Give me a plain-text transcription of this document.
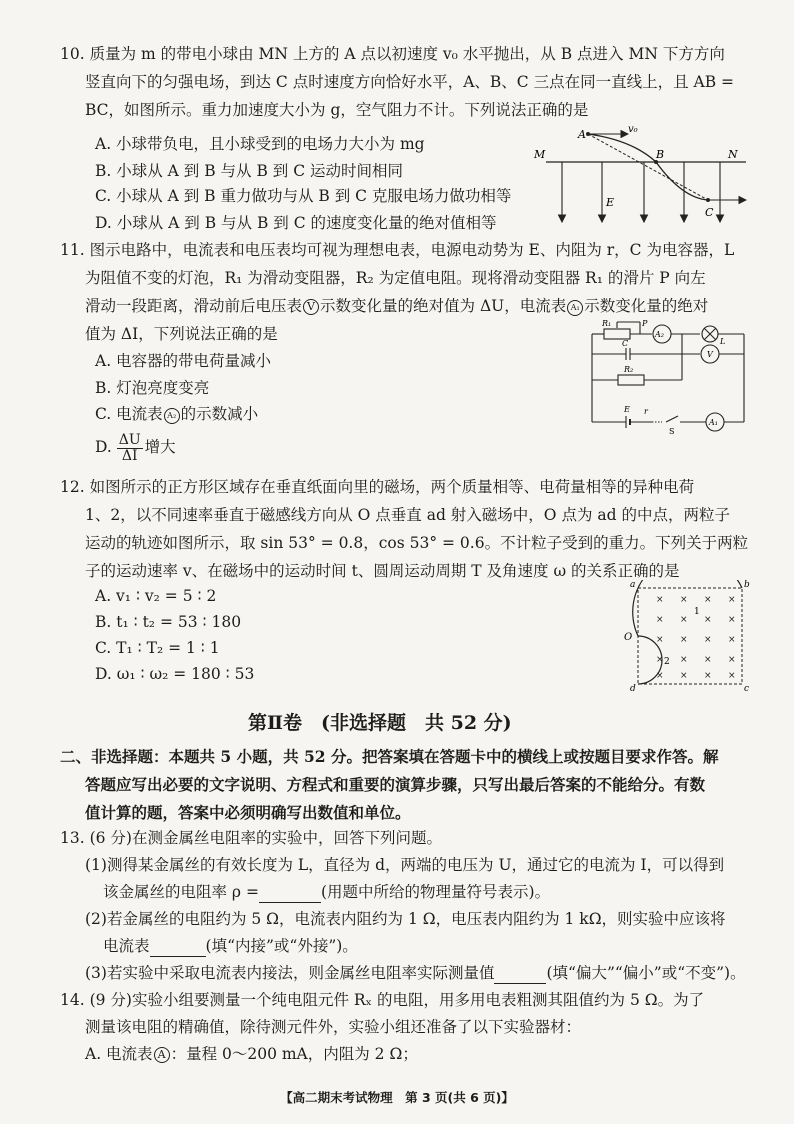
10. 质量为 m 的带电小球由 MN 上方的 A 点以初速度 v₀ 水平抛出，从 B 点进入 MN 下方方向
竖直向下的匀强电场，到达 C 点时速度方向恰好水平，A、B、C 三点在同一直线上，且 AB =
BC，如图所示。重力加速度大小为 g，空气阻力不计。下列说法正确的是
A. 小球带负电，且小球受到的电场力大小为 mg
B. 小球从 A 到 B 与从 B 到 C 运动时间相同
C. 小球从 A 到 B 重力做功与从 B 到 C 克服电场力做功相等
D. 小球从 A 到 B 与从 B 到 C 的速度变化量的绝对值相等
A	v₀
M	B	N
E
C
11. 图示电路中，电流表和电压表均可视为理想电表，电源电动势为 E、内阻为 r，C 为电容器，L
为阻值不变的灯泡，R₁ 为滑动变阻器，R₂ 为定值电阻。现将滑动变阻器 R₁ 的滑片 P 向左
滑动一段距离，滑动前后电压表 V 示数变化量的绝对值为 ΔU，电流表 A₁ 示数变化量的绝对
值为 ΔI，下列说法正确的是
A. 电容器的带电荷量减小
B. 灯泡亮度变亮
C. 电流表 A₂ 的示数减小
D. $\frac{\Delta U}{\Delta I}$ 增大
R₁	P
A₂
L
C
V
R₂
E r
S
A₁
12. 如图所示的正方形区域存在垂直纸面向里的磁场，两个质量相等、电荷量相等的异种电荷
1、2，以不同速率垂直于磁感线方向从 O 点垂直 ad 射入磁场中，O 点为 ad 的中点，两粒子
运动的轨迹如图所示，取 sin 53° = 0.8，cos 53° = 0.6。不计粒子受到的重力。下列关于两粒
子的运动速率 v、在磁场中的运动时间 t、圆周运动周期 T 及角速度 ω 的关系正确的是
A. v₁ ∶ v₂ = 5 ∶ 2
B. t₁ ∶ t₂ = 53 ∶ 180
C. T₁ ∶ T₂ = 1 ∶ 1
D. ω₁ ∶ ω₂ = 180 ∶ 53
× × × ×
× × × ×
× × × ×
× × × ×
× × × ×
a	b
c
d
O
1
2
第Ⅱ卷　(非选择题　共 52 分)
二、非选择题：本题共 5 小题，共 52 分。把答案填在答题卡中的横线上或按题目要求作答。解
答题应写出必要的文字说明、方程式和重要的演算步骤，只写出最后答案的不能给分。有数
值计算的题，答案中必须明确写出数值和单位。
13. (6 分)在测金属丝电阻率的实验中，回答下列问题。
(1)测得某金属丝的有效长度为 L，直径为 d，两端的电压为 U，通过它的电流为 I，可以得到
该金属丝的电阻率 ρ =	(用题中所给的物理量符号表示)。
(2)若金属丝的电阻约为 5 Ω，电流表内阻约为 1 Ω，电压表内阻约为 1 kΩ，则实验中应该将
电流表	(填“内接”或“外接”)。
(3)若实验中采取电流表内接法，则金属丝电阻率实际测量值	(填“偏大”“偏小”或“不变”)。
14. (9 分)实验小组要测量一个纯电阻元件 Rₓ 的电阻，用多用电表粗测其阻值约为 5 Ω。为了
测量该电阻的精确值，除待测元件外，实验小组还准备了以下实验器材：
A. 电流表 A ：量程 0～200 mA，内阻为 2 Ω；
【高二期末考试物理　第 3 页(共 6 页)】
